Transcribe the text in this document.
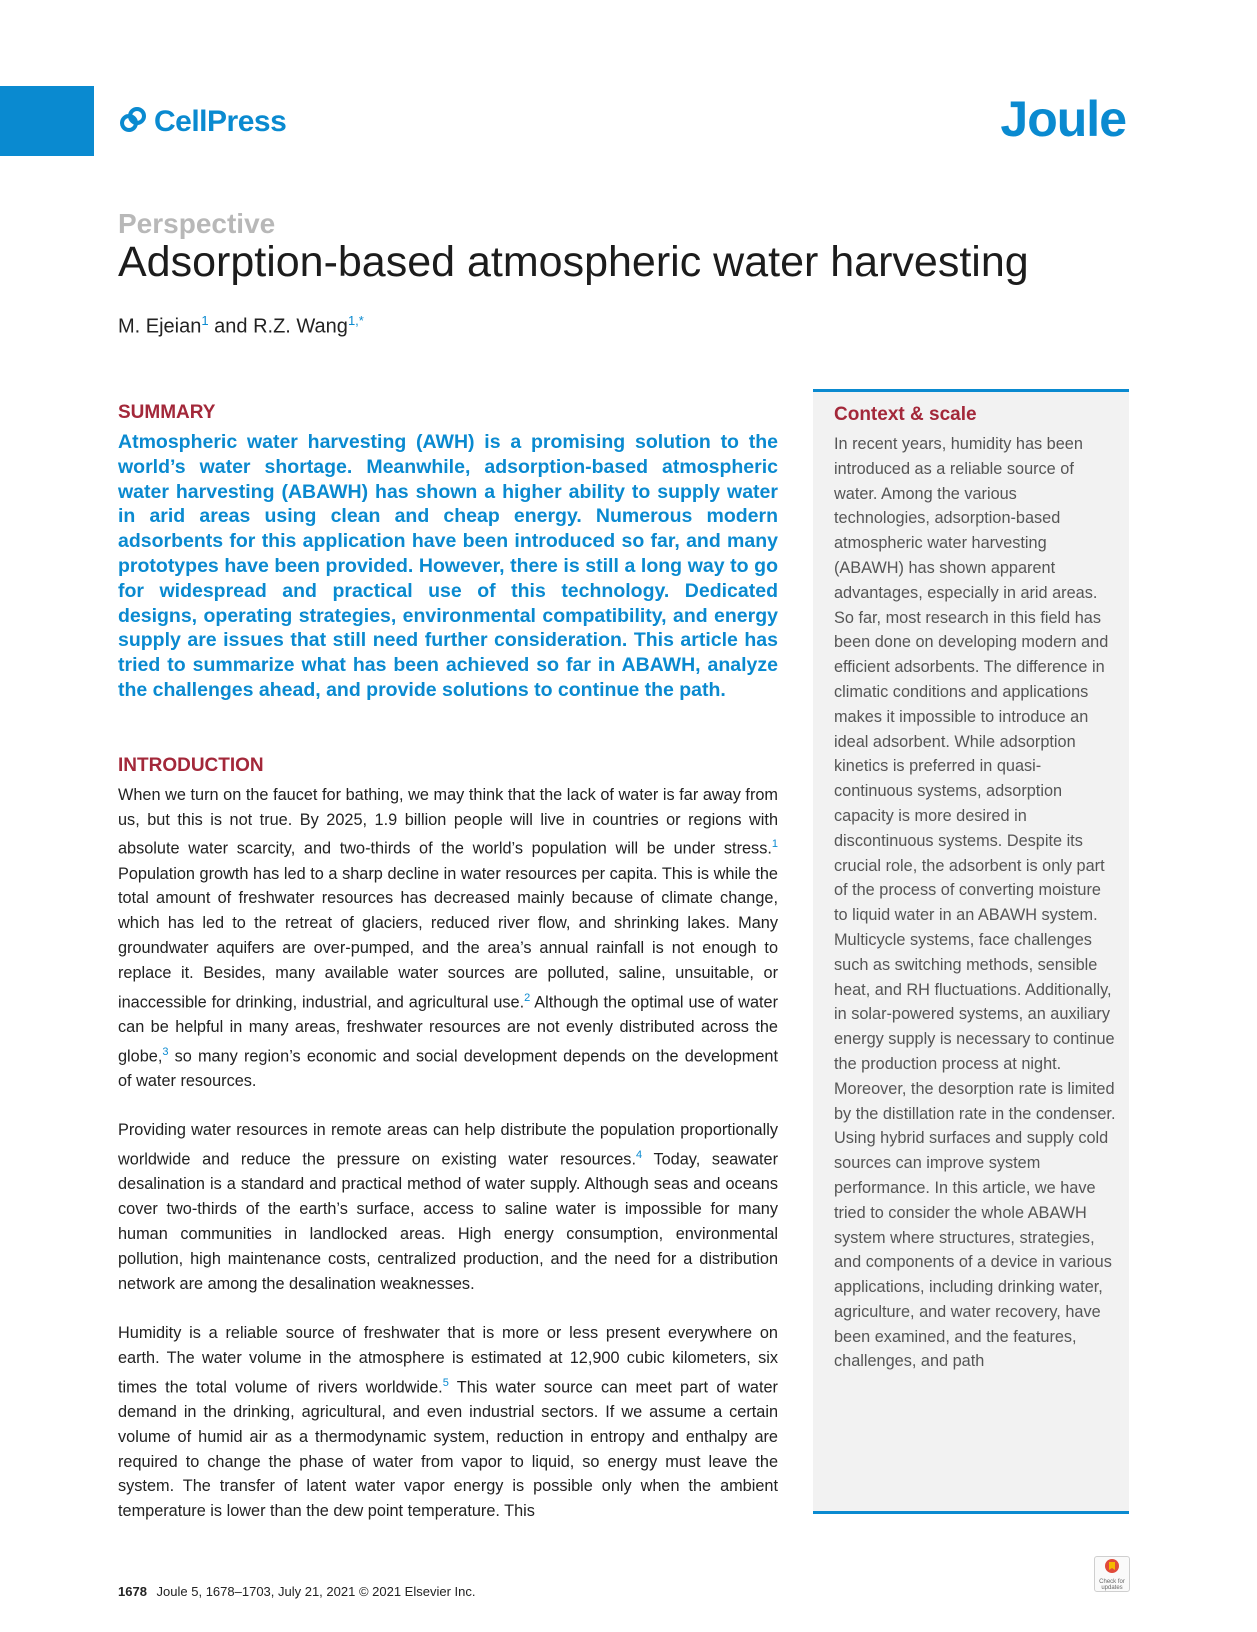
CellPress	Joule
Perspective
Adsorption-based atmospheric water harvesting
M. Ejeian$^1$ and R.Z. Wang$^{1,*}$
SUMMARY

Atmospheric water harvesting (AWH) is a promising solution to the world’s water shortage. Meanwhile, adsorption-based atmospheric water harvesting (ABAWH) has shown a higher ability to supply water in arid areas using clean and cheap energy. Numerous modern adsorbents for this application have been introduced so far, and many prototypes have been provided. However, there is still a long way to go for widespread and practical use of this technology. Dedicated designs, operating strategies, environmental compatibility, and energy supply are issues that still need further consideration. This article has tried to summarize what has been achieved so far in ABAWH, analyze the challenges ahead, and provide solutions to continue the path.

INTRODUCTION

When we turn on the faucet for bathing, we may think that the lack of water is far away from us, but this is not true. By 2025, 1.9 billion people will live in countries or regions with absolute water scarcity, and two-thirds of the world’s population will be under stress.$^1$ Population growth has led to a sharp decline in water resources per capita. This is while the total amount of freshwater resources has decreased mainly because of climate change, which has led to the retreat of glaciers, reduced river flow, and shrinking lakes. Many groundwater aquifers are over-pumped, and the area’s annual rainfall is not enough to replace it. Besides, many available water sources are polluted, saline, unsuitable, or inaccessible for drinking, industrial, and agricultural use.$^2$ Although the optimal use of water can be helpful in many areas, freshwater resources are not evenly distributed across the globe,$^3$ so many region’s economic and social development depends on the development of water resources.

Providing water resources in remote areas can help distribute the population proportionally worldwide and reduce the pressure on existing water resources.$^4$ Today, seawater desalination is a standard and practical method of water supply. Although seas and oceans cover two-thirds of the earth’s surface, access to saline water is impossible for many human communities in landlocked areas. High energy consumption, environmental pollution, high maintenance costs, centralized production, and the need for a distribution network are among the desalination weaknesses.

Humidity is a reliable source of freshwater that is more or less present everywhere on earth. The water volume in the atmosphere is estimated at 12,900 cubic kilometers, six times the total volume of rivers worldwide.$^5$ This water source can meet part of water demand in the drinking, agricultural, and even industrial sectors. If we assume a certain volume of humid air as a thermodynamic system, reduction in entropy and enthalpy are required to change the phase of water from vapor to liquid, so energy must leave the system. The transfer of latent water vapor energy is possible only when the ambient temperature is lower than the dew point temperature. This

Context & scale

In recent years, humidity has been introduced as a reliable source of water. Among the various technologies, adsorption-based atmospheric water harvesting (ABAWH) has shown apparent advantages, especially in arid areas. So far, most research in this field has been done on developing modern and efficient adsorbents. The difference in climatic conditions and applications makes it impossible to introduce an ideal adsorbent. While adsorption kinetics is preferred in quasi-continuous systems, adsorption capacity is more desired in discontinuous systems. Despite its crucial role, the adsorbent is only part of the process of converting moisture to liquid water in an ABAWH system. Multicycle systems, face challenges such as switching methods, sensible heat, and RH fluctuations. Additionally, in solar-powered systems, an auxiliary energy supply is necessary to continue the production process at night. Moreover, the desorption rate is limited by the distillation rate in the condenser. Using hybrid surfaces and supply cold sources can improve system performance. In this article, we have tried to consider the whole ABAWH system where structures, strategies, and components of a device in various applications, including drinking water, agriculture, and water recovery, have been examined, and the features, challenges, and path

1678 Joule 5, 1678–1703, July 21, 2021 © 2021 Elsevier Inc.
Check for updates
